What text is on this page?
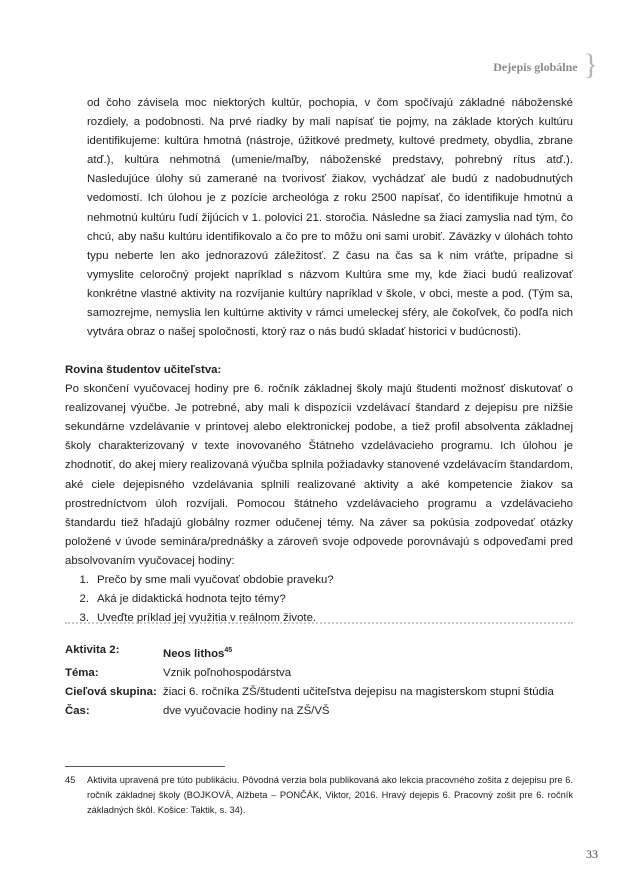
Dejepis globálne }

od čoho závisela moc niektorých kultúr, pochopia, v čom spočívajú základné náboženské rozdiely, a podobnosti. Na prvé riadky by mali napísať tie pojmy, na základe ktorých kultúru identifikujeme: kultúra hmotná (nástroje, úžitkové predmety, kultové predmety, obydlia, zbrane atď.), kultúra nehmotná (umenie/maľby, náboženské predstavy, pohrebný rítus atď.). Nasledujúce úlohy sú zamerané na tvorivosť žiakov, vychádzať ale budú z nadobudnutých vedomostí. Ich úlohou je z pozície archeológa z roku 2500 napísať, čo identifikuje hmotnú a nehmotnú kultúru ľudí žijúcich v 1. polovici 21. storočia. Následne sa žiaci zamyslia nad tým, čo chcú, aby našu kultúru identifikovalo a čo pre to môžu oni sami urobiť. Záväzky v úlohách tohto typu neberte len ako jednorazovú záležitosť. Z času na čas sa k nim vráťte, prípadne si vymyslite celoročný projekt napríklad s názvom Kultúra sme my, kde žiaci budú realizovať konkrétne vlastné aktivity na rozvíjanie kultúry napríklad v škole, v obci, meste a pod. (Tým sa, samozrejme, nemyslia len kultúrne aktivity v rámci umeleckej sféry, ale čokoľvek, čo podľa nich vytvára obraz o našej spoločnosti, ktorý raz o nás budú skladať historici v budúcnosti).

Rovina študentov učiteľstva:

Po skončení vyučovacej hodiny pre 6. ročník základnej školy majú študenti možnosť diskutovať o realizovanej výučbe. Je potrebné, aby mali k dispozícii vzdelávací štandard z dejepisu pre nižšie sekundárne vzdelávanie v printovej alebo elektronickej podobe, a tiež profil absolventa základnej školy charakterizovaný v texte inovovaného Štátneho vzdelávacieho programu. Ich úlohou je zhodnotiť, do akej miery realizovaná výučba splnila požiadavky stanovené vzdelávacím štandardom, aké ciele dejepisného vzdelávania splnili realizované aktivity a aké kompetencie žiakov sa prostredníctvom úloh rozvíjali. Pomocou štátneho vzdelávacieho programu a vzdelávacieho štandardu tiež hľadajú globálny rozmer odučenej témy. Na záver sa pokúsia zodpovedať otázky položené v úvode seminára/prednášky a zároveň svoje odpovede porovnávajú s odpoveďami pred absolvovaním vyučovacej hodiny:

1. Prečo by sme mali vyučovať obdobie praveku?
2. Aká je didaktická hodnota tejto témy?
3. Uveďte príklad jej využitia v reálnom živote.
Aktivita 2:	Neos lithos$^{45}$
Téma:	Vznik poľnohospodárstva
Cieľová skupina: žiaci 6. ročníka ZŠ/študenti učiteľstva dejepisu na magisterskom stupni štúdia
Čas:	dve vyučovacie hodiny na ZŠ/VŠ
45	Aktivita upravená pre túto publikáciu. Pôvodná verzia bola publikovaná ako lekcia pracovného zošita z dejepisu pre 6. ročník základnej školy (BOJKOVÁ, Alžbeta – PONČÁK, Viktor, 2016. Hravý dejepis 6. Pracovný zošit pre 6. ročník základných škôl. Košice: Taktik, s. 34).
33
